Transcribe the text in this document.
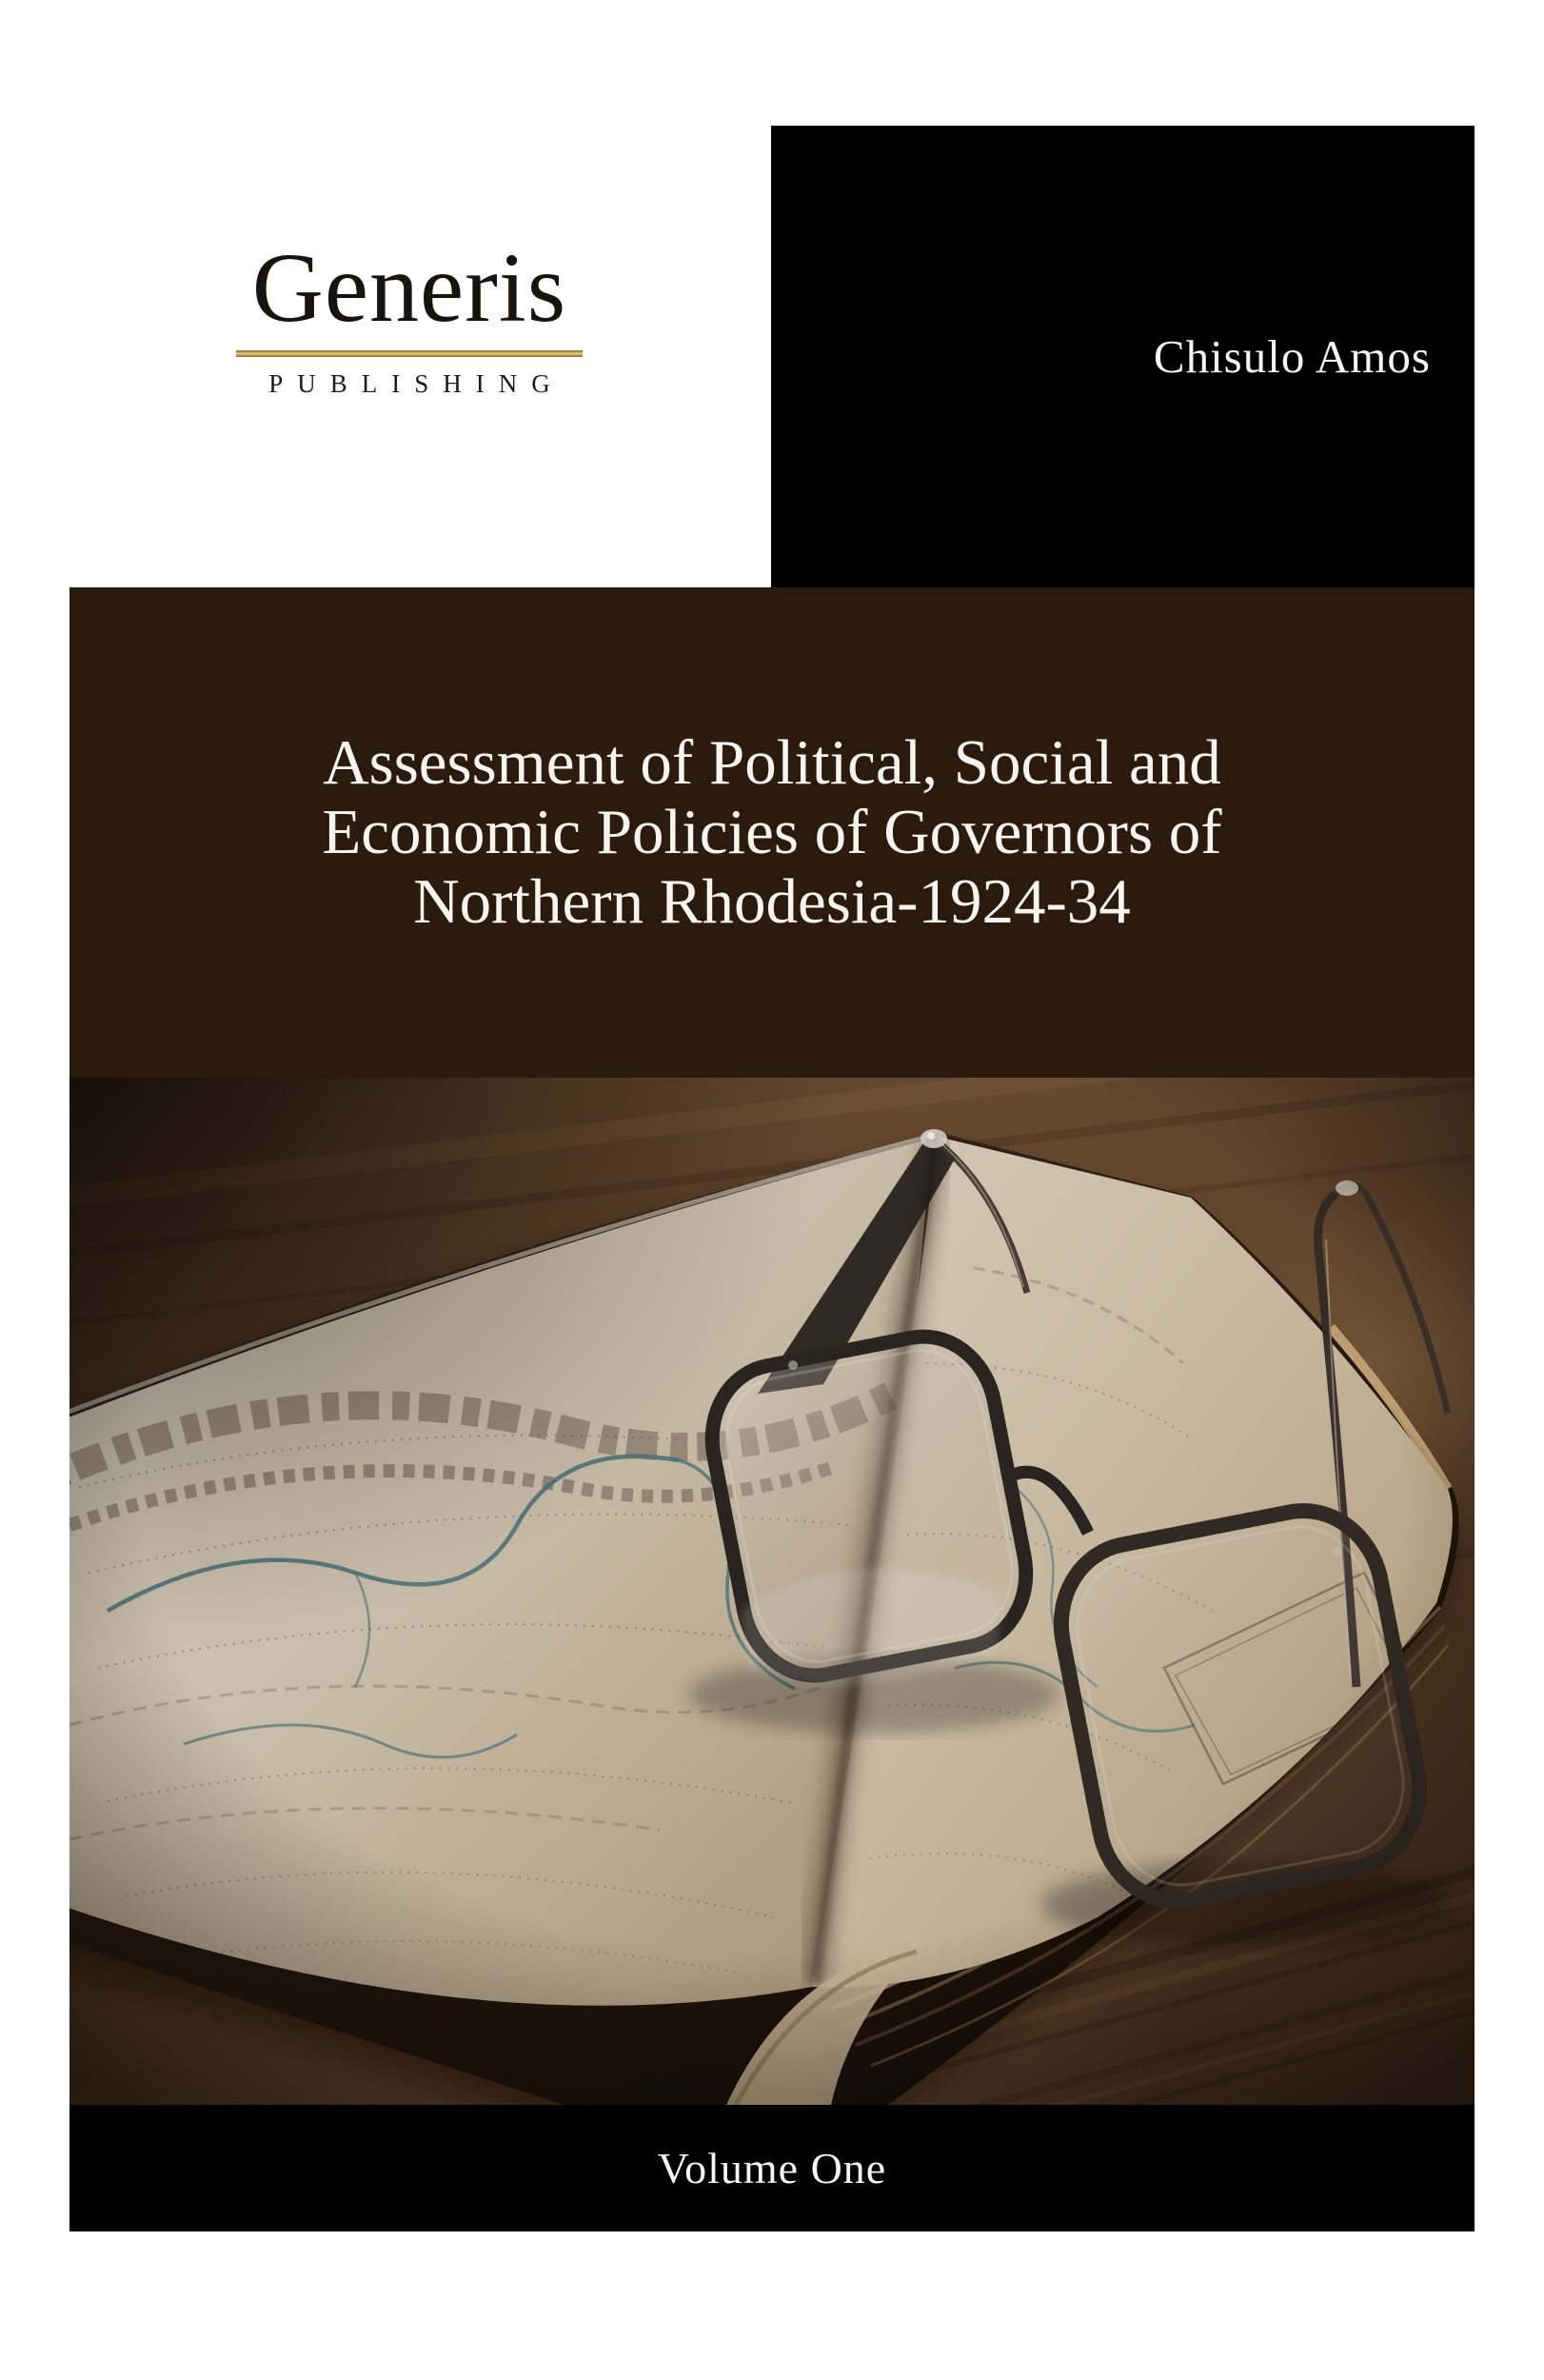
Generis
PUBLISHING
Chisulo Amos
Assessment of Political, Social and
Economic Policies of Governors of
Northern Rhodesia-1924-34
Volume One
